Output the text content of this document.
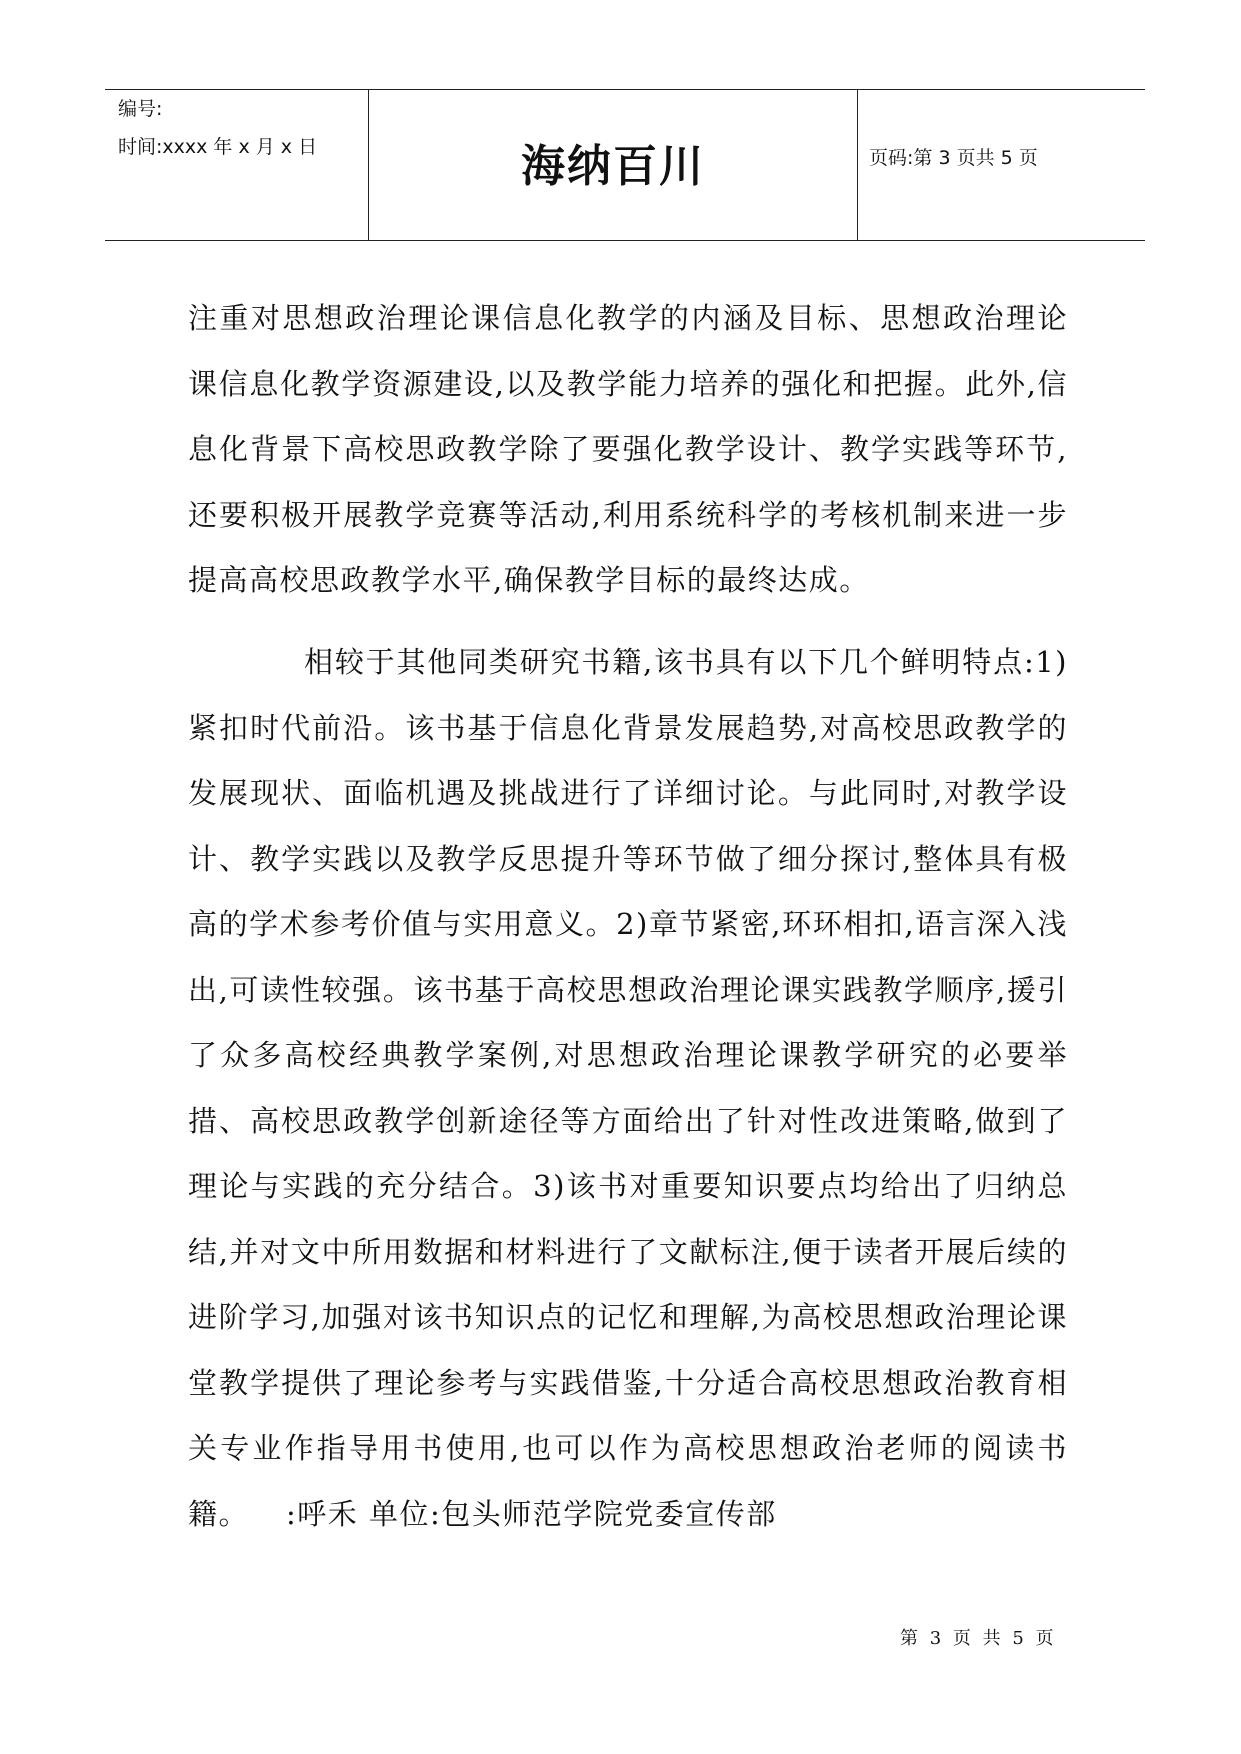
编号:
时间:xxxx 年 x 月 x 日	海纳百川	页码:第 3 页共 5 页

注重对思想政治理论课信息化教学的内涵及目标、思想政治理论课信息化教学资源建设,以及教学能力培养的强化和把握。此外,信息化背景下高校思政教学除了要强化教学设计、教学实践等环节,还要积极开展教学竞赛等活动,利用系统科学的考核机制来进一步提高高校思政教学水平,确保教学目标的最终达成。

相较于其他同类研究书籍,该书具有以下几个鲜明特点:1)紧扣时代前沿。该书基于信息化背景发展趋势,对高校思政教学的发展现状、面临机遇及挑战进行了详细讨论。与此同时,对教学设计、教学实践以及教学反思提升等环节做了细分探讨,整体具有极高的学术参考价值与实用意义。2)章节紧密,环环相扣,语言深入浅出,可读性较强。该书基于高校思想政治理论课实践教学顺序,援引了众多高校经典教学案例,对思想政治理论课教学研究的必要举措、高校思政教学创新途径等方面给出了针对性改进策略,做到了理论与实践的充分结合。3)该书对重要知识要点均给出了归纳总结,并对文中所用数据和材料进行了文献标注,便于读者开展后续的进阶学习,加强对该书知识点的记忆和理解,为高校思想政治理论课堂教学提供了理论参考与实践借鉴,十分适合高校思想政治教育相关专业作指导用书使用,也可以作为高校思想政治老师的阅读书籍。	:呼禾 单位:包头师范学院党委宣传部

第 3 页 共 5 页
